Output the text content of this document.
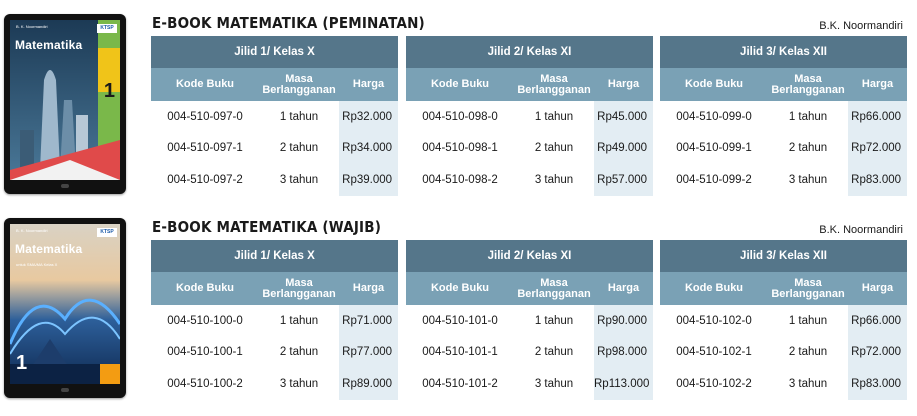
B. K. Noormandiri
Matematika
KTSP
1
E-BOOK MATEMATIKA (PEMINATAN)	B.K. Noormandiri
Jilid 1/ Kelas X		
Kode Buku	Masa Berlangganan	Harga
004-510-097-0	1 tahun	Rp32.000
004-510-097-1	2 tahun	Rp34.000
004-510-097-2	3 tahun	Rp39.000
Jilid 2/ Kelas XI		
Kode Buku	Masa Berlangganan	Harga
004-510-098-0	1 tahun	Rp45.000
004-510-098-1	2 tahun	Rp49.000
004-510-098-2	3 tahun	Rp57.000
Jilid 3/ Kelas XII		
Kode Buku	Masa Berlangganan	Harga
004-510-099-0	1 tahun	Rp66.000
004-510-099-1	2 tahun	Rp72.000
004-510-099-2	3 tahun	Rp83.000
B. K. Noormandiri
Matematika
untuk SMA/MA Kelas X
KTSP
1
E-BOOK MATEMATIKA (WAJIB)	B.K. Noormandiri
Jilid 1/ Kelas X		
Kode Buku	Masa Berlangganan	Harga
004-510-100-0	1 tahun	Rp71.000
004-510-100-1	2 tahun	Rp77.000
004-510-100-2	3 tahun	Rp89.000
Jilid 2/ Kelas XI		
Kode Buku	Masa Berlangganan	Harga
004-510-101-0	1 tahun	Rp90.000
004-510-101-1	2 tahun	Rp98.000
004-510-101-2	3 tahun	Rp113.000
Jilid 3/ Kelas XII		
Kode Buku	Masa Berlangganan	Harga
004-510-102-0	1 tahun	Rp66.000
004-510-102-1	2 tahun	Rp72.000
004-510-102-2	3 tahun	Rp83.000
